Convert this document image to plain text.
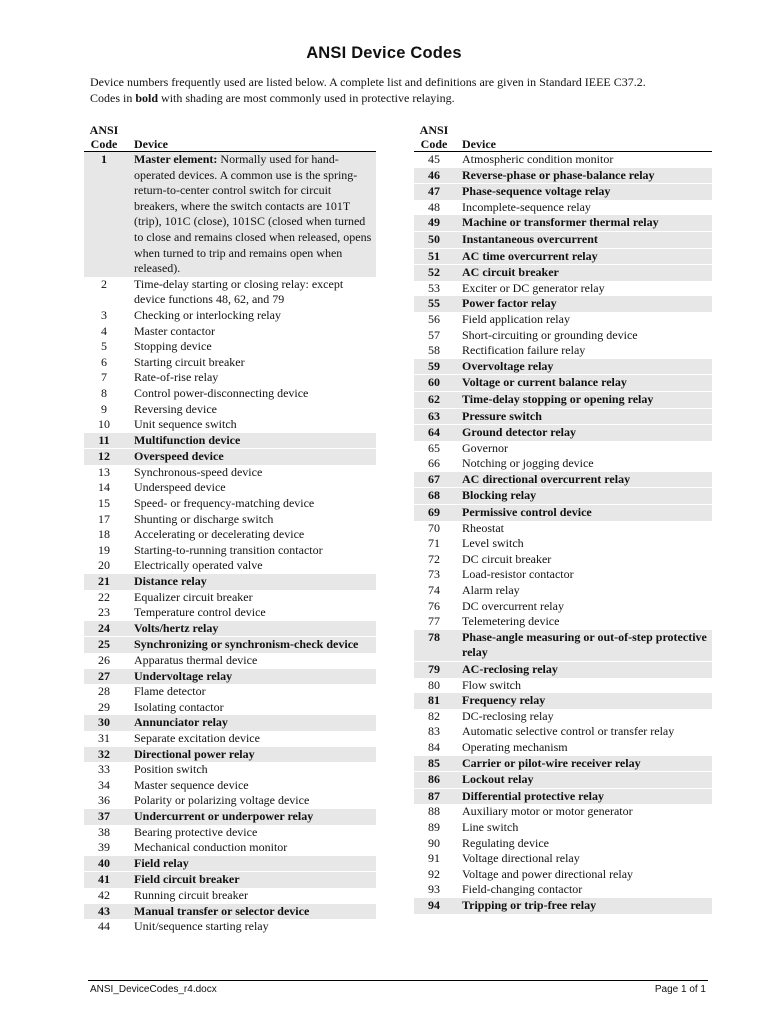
ANSI Device Codes
Device numbers frequently used are listed below. A complete list and definitions are given in Standard IEEE C37.2.
Codes in bold with shading are most commonly used in protective relaying.
ANSI
Code	Device
1	Master element: Normally used for hand-operated devices. A common use is the spring-return-to-center control switch for circuit breakers, where the switch contacts are 101T (trip), 101C (close), 101SC (closed when turned to close and remains closed when released, opens when turned to trip and remains open when released).
2	Time-delay starting or closing relay: except device functions 48, 62, and 79
3	Checking or interlocking relay
4	Master contactor
5	Stopping device
6	Starting circuit breaker
7	Rate-of-rise relay
8	Control power-disconnecting device
9	Reversing device
10	Unit sequence switch
11	Multifunction device
12	Overspeed device
13	Synchronous-speed device
14	Underspeed device
15	Speed- or frequency-matching device
17	Shunting or discharge switch
18	Accelerating or decelerating device
19	Starting-to-running transition contactor
20	Electrically operated valve
21	Distance relay
22	Equalizer circuit breaker
23	Temperature control device
24	Volts/hertz relay
25	Synchronizing or synchronism-check device
26	Apparatus thermal device
27	Undervoltage relay
28	Flame detector
29	Isolating contactor
30	Annunciator relay
31	Separate excitation device
32	Directional power relay
33	Position switch
34	Master sequence device
36	Polarity or polarizing voltage device
37	Undercurrent or underpower relay
38	Bearing protective device
39	Mechanical conduction monitor
40	Field relay
41	Field circuit breaker
42	Running circuit breaker
43	Manual transfer or selector device
44	Unit/sequence starting relay
ANSI
Code	Device
45	Atmospheric condition monitor
46	Reverse-phase or phase-balance relay
47	Phase-sequence voltage relay
48	Incomplete-sequence relay
49	Machine or transformer thermal relay
50	Instantaneous overcurrent
51	AC time overcurrent relay
52	AC circuit breaker
53	Exciter or DC generator relay
55	Power factor relay
56	Field application relay
57	Short-circuiting or grounding device
58	Rectification failure relay
59	Overvoltage relay
60	Voltage or current balance relay
62	Time-delay stopping or opening relay
63	Pressure switch
64	Ground detector relay
65	Governor
66	Notching or jogging device
67	AC directional overcurrent relay
68	Blocking relay
69	Permissive control device
70	Rheostat
71	Level switch
72	DC circuit breaker
73	Load-resistor contactor
74	Alarm relay
76	DC overcurrent relay
77	Telemetering device
78	Phase-angle measuring or out-of-step protective relay
79	AC-reclosing relay
80	Flow switch
81	Frequency relay
82	DC-reclosing relay
83	Automatic selective control or transfer relay
84	Operating mechanism
85	Carrier or pilot-wire receiver relay
86	Lockout relay
87	Differential protective relay
88	Auxiliary motor or motor generator
89	Line switch
90	Regulating device
91	Voltage directional relay
92	Voltage and power directional relay
93	Field-changing contactor
94	Tripping or trip-free relay
ANSI_DeviceCodes_r4.docx	Page 1 of 1
